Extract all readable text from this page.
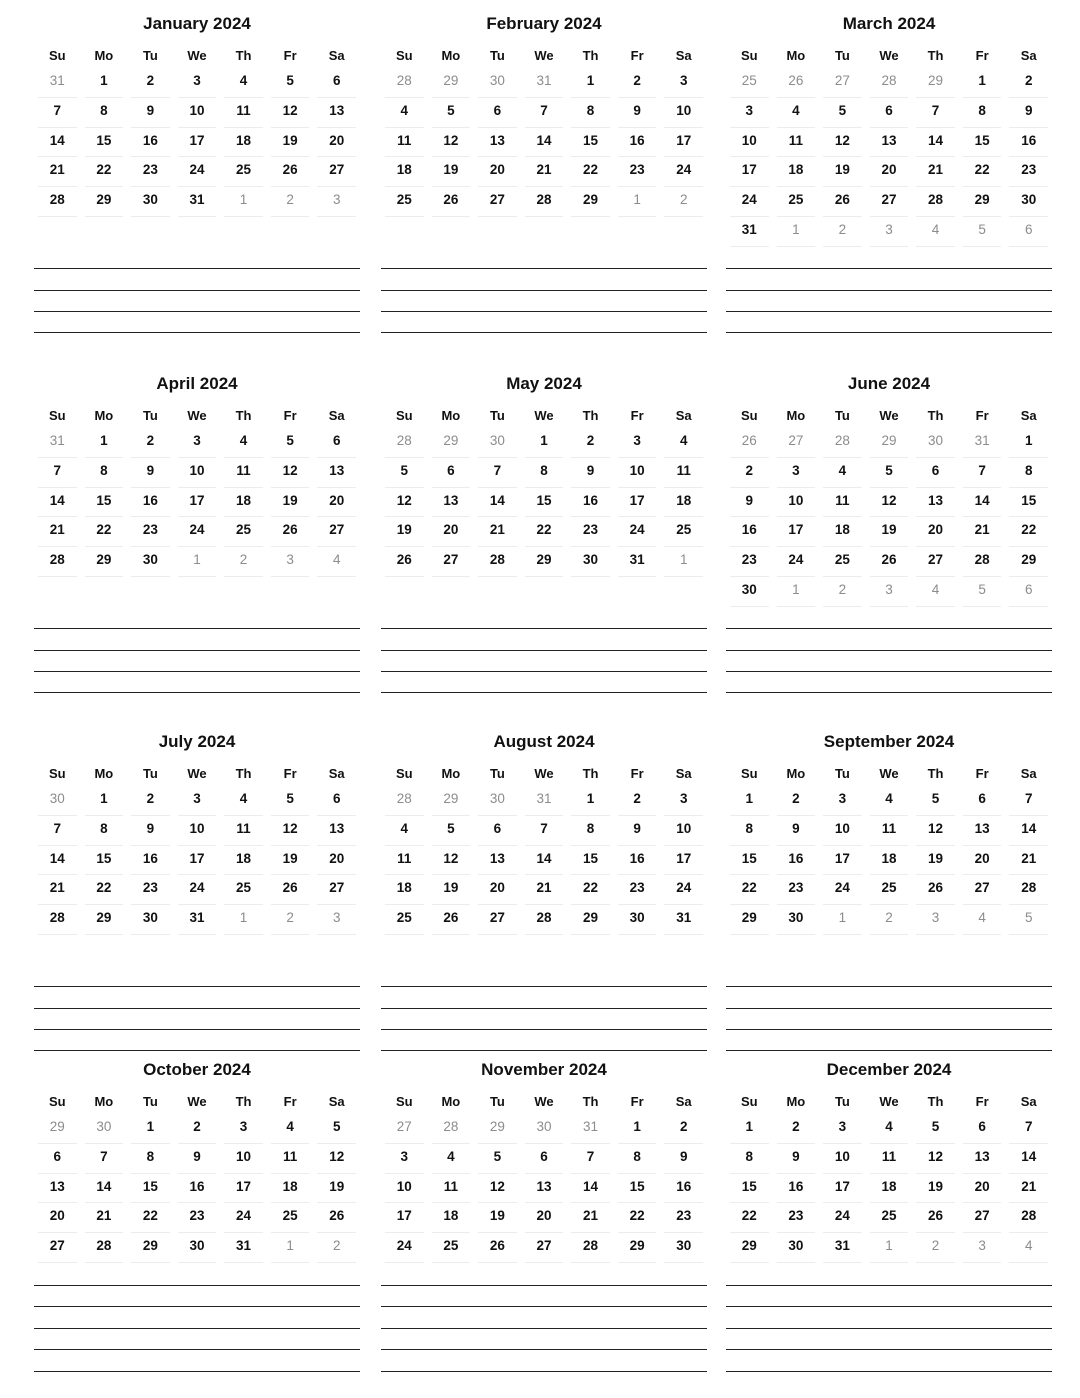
January 2024
Su	Mo	Tu	We	Th	Fr	Sa
31	1	2	3	4	5	6
7	8	9	10	11	12	13
14	15	16	17	18	19	20
21	22	23	24	25	26	27
28	29	30	31	1	2	3
February 2024
Su	Mo	Tu	We	Th	Fr	Sa
28	29	30	31	1	2	3
4	5	6	7	8	9	10
11	12	13	14	15	16	17
18	19	20	21	22	23	24
25	26	27	28	29	1	2
March 2024
Su	Mo	Tu	We	Th	Fr	Sa
25	26	27	28	29	1	2
3	4	5	6	7	8	9
10	11	12	13	14	15	16
17	18	19	20	21	22	23
24	25	26	27	28	29	30
31	1	2	3	4	5	6
April 2024
Su	Mo	Tu	We	Th	Fr	Sa
31	1	2	3	4	5	6
7	8	9	10	11	12	13
14	15	16	17	18	19	20
21	22	23	24	25	26	27
28	29	30	1	2	3	4
May 2024
Su	Mo	Tu	We	Th	Fr	Sa
28	29	30	1	2	3	4
5	6	7	8	9	10	11
12	13	14	15	16	17	18
19	20	21	22	23	24	25
26	27	28	29	30	31	1
June 2024
Su	Mo	Tu	We	Th	Fr	Sa
26	27	28	29	30	31	1
2	3	4	5	6	7	8
9	10	11	12	13	14	15
16	17	18	19	20	21	22
23	24	25	26	27	28	29
30	1	2	3	4	5	6
July 2024
Su	Mo	Tu	We	Th	Fr	Sa
30	1	2	3	4	5	6
7	8	9	10	11	12	13
14	15	16	17	18	19	20
21	22	23	24	25	26	27
28	29	30	31	1	2	3
August 2024
Su	Mo	Tu	We	Th	Fr	Sa
28	29	30	31	1	2	3
4	5	6	7	8	9	10
11	12	13	14	15	16	17
18	19	20	21	22	23	24
25	26	27	28	29	30	31
September 2024
Su	Mo	Tu	We	Th	Fr	Sa
1	2	3	4	5	6	7
8	9	10	11	12	13	14
15	16	17	18	19	20	21
22	23	24	25	26	27	28
29	30	1	2	3	4	5
October 2024
Su	Mo	Tu	We	Th	Fr	Sa
29	30	1	2	3	4	5
6	7	8	9	10	11	12
13	14	15	16	17	18	19
20	21	22	23	24	25	26
27	28	29	30	31	1	2
November 2024
Su	Mo	Tu	We	Th	Fr	Sa
27	28	29	30	31	1	2
3	4	5	6	7	8	9
10	11	12	13	14	15	16
17	18	19	20	21	22	23
24	25	26	27	28	29	30
December 2024
Su	Mo	Tu	We	Th	Fr	Sa
1	2	3	4	5	6	7
8	9	10	11	12	13	14
15	16	17	18	19	20	21
22	23	24	25	26	27	28
29	30	31	1	2	3	4
